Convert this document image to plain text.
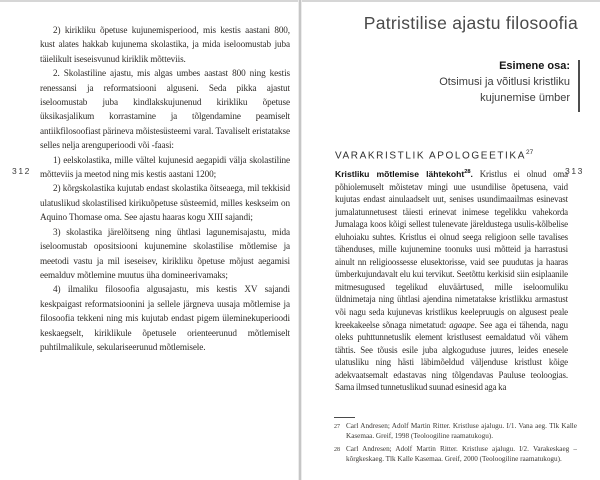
312

2) kirikliku õpetuse kujunemisperiood, mis kestis aastani 800, kust alates hakkab kujunema skolastika, ja mida iseloomustab juba täielikult iseseisvunud kiriklik mõtteviis.

2. Skolastiline ajastu, mis algas umbes aastast 800 ning kestis renessansi ja reformatsiooni alguseni. Seda pikka ajastut iseloomustab juba kindlakskujunenud kirikliku õpetuse üksikasjalikum korrastamine ja tõlgendamine peamiselt antiikfilosoofiast pärineva mõistesüsteemi varal. Tavaliselt eristatakse selles nelja arenguperioodi või -faasi:

1) eelskolastika, mille vältel kujunesid aegapidi välja skolastiline mõtteviis ja meetod ning mis kestis aastani 1200;

2) kõrgskolastika kujutab endast skolastika õitseaega, mil tekkisid ulatuslikud skolastilised kirikuõpetuse süsteemid, milles keskseim on Aquino Thomase oma. See ajastu haaras kogu XIII sajandi;

3) skolastika järelõitseng ning ühtlasi lagunemisajastu, mida iseloomustab opositsiooni kujunemine skolastilise mõtlemise ja meetodi vastu ja mil iseseisev, kirikliku õpetuse mõjust aegamisi eemalduv mõtlemine muutus üha domineerivamaks;

4) ilmaliku filosoofia algusajastu, mis kestis XV sajandi keskpaigast reformatsioonini ja sellele järgneva uusaja mõtlemise ja filosoofia tekkeni ning mis kujutab endast pigem üleminekuperioodi keskaegselt, kiriklikule õpetusele orienteerunud mõtlemiselt puhtilmalikule, sekulariseerunud mõtlemisele.

Patristilise ajastu filosoofia
Esimene osa:
Otsimusi ja võitlusi kristliku
kujunemise ümber
313
VARAKRISTLIK APOLOGEETIKA$^{27}$

Kristliku mõtlemise lähtekoht$^{28}$. Kristlus ei olnud oma põhiolemuselt mõistetav mingi uue usundilise õpetusena, vaid kujutas endast ainulaadselt uut, senises usundimaailmas esinevast jumalatunnetusest täiesti erinevat inimese tegelikku vahekorda Jumalaga koos kõigi sellest tulenevate järeldustega usulis-kõlbelise eluhoiaku suhtes. Kristlus ei olnud seega religioon selle tavalises tähenduses, mille kujunemine toonuks uusi mõtteid ja harrastusi ainult nn religioossesse elusektorisse, vaid see puudutas ja haaras ümberkujundavalt elu kui tervikut. Seetõttu kerkisid siin esiplaanile mitmesugused tegelikud eluväärtused, mille iseloomuliku üldnimetaja ning ühtlasi ajendina nimetatakse kristlikku armastust või nagu seda kujunevas kristlikus keelepruugis on algusest peale kreekakeelse sõnaga nimetatud: agaape. See aga ei tähenda, nagu oleks puhttunnetuslik element kristlusest eemaldatud või vähem tähtis. See tõusis esile juba algkoguduse juures, leides enesele ulatusliku ning hästi läbimõeldud väljenduse kristlust kõige adekvaatsemalt edastavas ning tõlgendavas Pauluse teoloogias. Sama ilmsed tunnetuslikud suunad esinesid aga ka

27 Carl Andresen; Adolf Martin Ritter. Kristluse ajalugu. I/1. Vana aeg. Tlk Kalle Kasemaa. Greif, 1998 (Teoloogiline raamatukogu).
28 Carl Andresen; Adolf Martin Ritter. Kristluse ajalugu. I/2. Varakeskaeg – kõrgkeskaeg. Tlk Kalle Kasemaa. Greif, 2000 (Teoloogiline raamatukogu).
